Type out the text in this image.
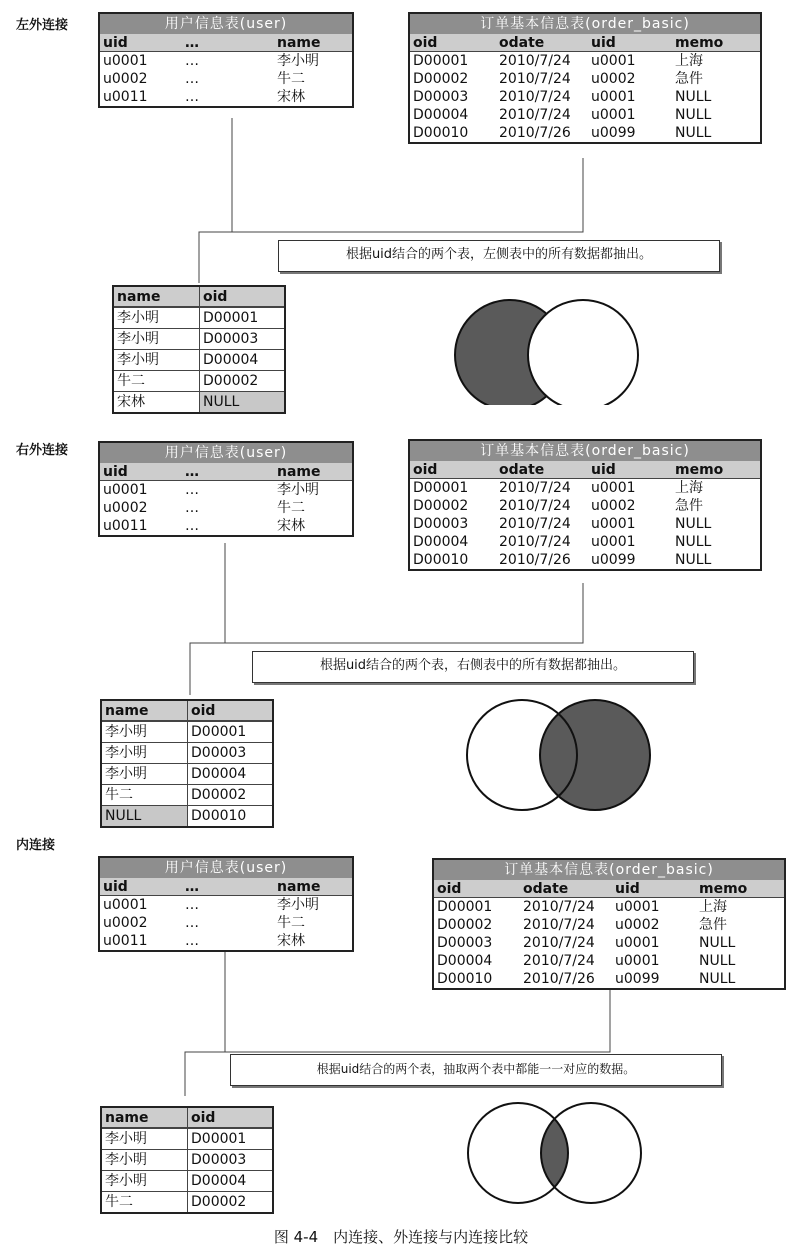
左外连接	用户信息表(user)
uid	…	name
u0001	…	李小明
u0002	…	牛二
u0011	…	宋林
订单基本信息表(order_basic)
oid	odate	uid	memo
D00001	2010/7/24	u0001	上海
D00002	2010/7/24	u0002	急件
D00003	2010/7/24	u0001	NULL
D00004	2010/7/24	u0001	NULL
D00010	2010/7/26	u0099	NULL
根据uid结合的两个表，左侧表中的所有数据都抽出。
name	oid
李小明	D00001
李小明	D00003
李小明	D00004
牛二	D00002
宋林	NULL
右外连接	用户信息表(user)
uid	…	name
u0001	…	李小明
u0002	…	牛二
u0011	…	宋林
订单基本信息表(order_basic)
oid	odate	uid	memo
D00001	2010/7/24	u0001	上海
D00002	2010/7/24	u0002	急件
D00003	2010/7/24	u0001	NULL
D00004	2010/7/24	u0001	NULL
D00010	2010/7/26	u0099	NULL
根据uid结合的两个表，右侧表中的所有数据都抽出。
name	oid
李小明	D00001
李小明	D00003
李小明	D00004
牛二	D00002
NULL	D00010
内连接
用户信息表(user)
uid	…	name
u0001	…	李小明
u0002	…	牛二
u0011	…	宋林
订单基本信息表(order_basic)
oid	odate	uid	memo
D00001	2010/7/24	u0001	上海
D00002	2010/7/24	u0002	急件
D00003	2010/7/24	u0001	NULL
D00004	2010/7/24	u0001	NULL
D00010	2010/7/26	u0099	NULL
根据uid结合的两个表，抽取两个表中都能一一对应的数据。
name	oid
李小明	D00001
李小明	D00003
李小明	D00004
牛二	D00002
图 4-4　内连接、外连接与内连接比较
